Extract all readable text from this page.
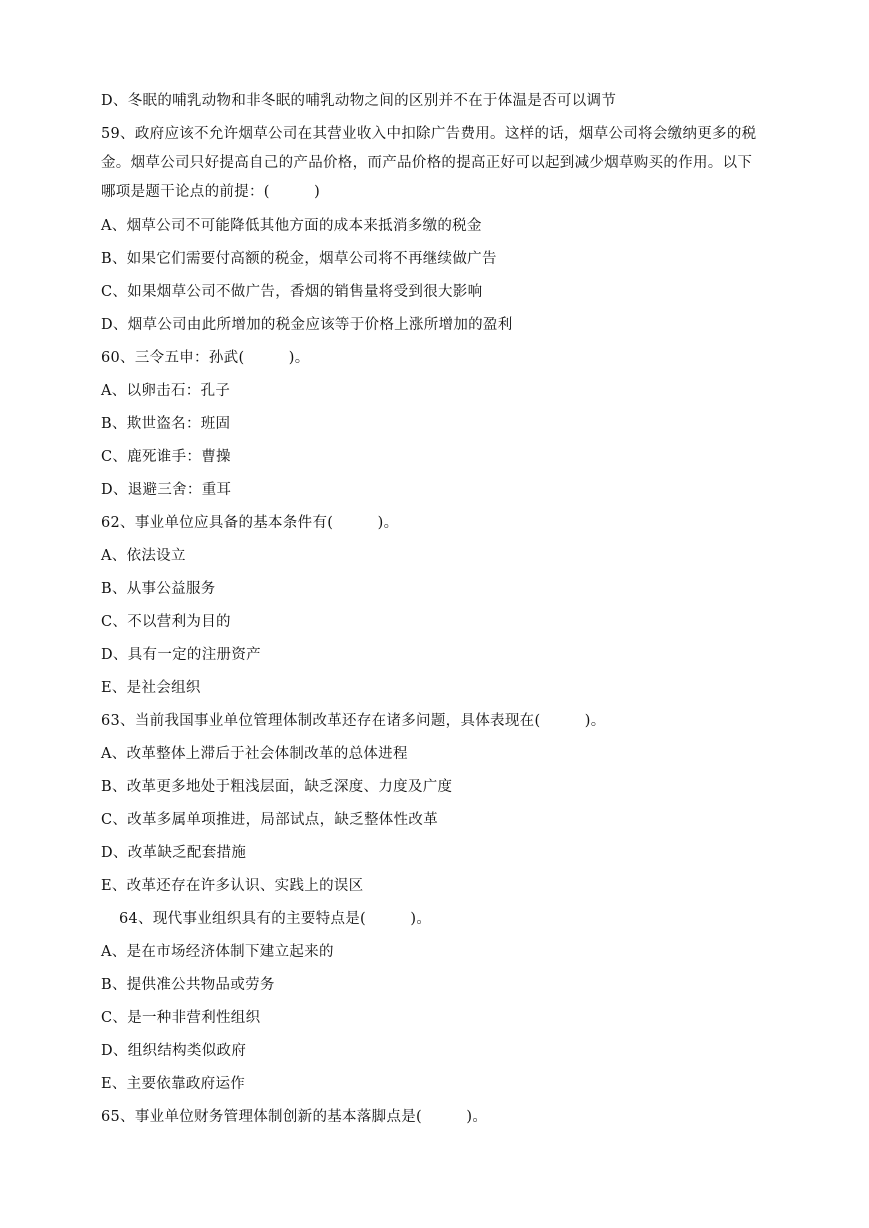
D、冬眠的哺乳动物和非冬眠的哺乳动物之间的区别并不在于体温是否可以调节
59、政府应该不允许烟草公司在其营业收入中扣除广告费用。这样的话，烟草公司将会缴纳更多的税
金。烟草公司只好提高自己的产品价格，而产品价格的提高正好可以起到减少烟草购买的作用。以下
哪项是题干论点的前提：(　　　)
A、烟草公司不可能降低其他方面的成本来抵消多缴的税金
B、如果它们需要付高额的税金，烟草公司将不再继续做广告
C、如果烟草公司不做广告，香烟的销售量将受到很大影响
D、烟草公司由此所增加的税金应该等于价格上涨所增加的盈利
60、三令五申：孙武(　　　)。
A、以卵击石：孔子
B、欺世盗名：班固
C、鹿死谁手：曹操
D、退避三舍：重耳
62、事业单位应具备的基本条件有(　　　)。
A、依法设立
B、从事公益服务
C、不以营利为目的
D、具有一定的注册资产
E、是社会组织
63、当前我国事业单位管理体制改革还存在诸多问题，具体表现在(　　　)。
A、改革整体上滞后于社会体制改革的总体进程
B、改革更多地处于粗浅层面，缺乏深度、力度及广度
C、改革多属单项推进，局部试点，缺乏整体性改革
D、改革缺乏配套措施
E、改革还存在许多认识、实践上的误区
64、现代事业组织具有的主要特点是(　　　)。
A、是在市场经济体制下建立起来的
B、提供准公共物品或劳务
C、是一种非营利性组织
D、组织结构类似政府
E、主要依靠政府运作
65、事业单位财务管理体制创新的基本落脚点是(　　　)。
